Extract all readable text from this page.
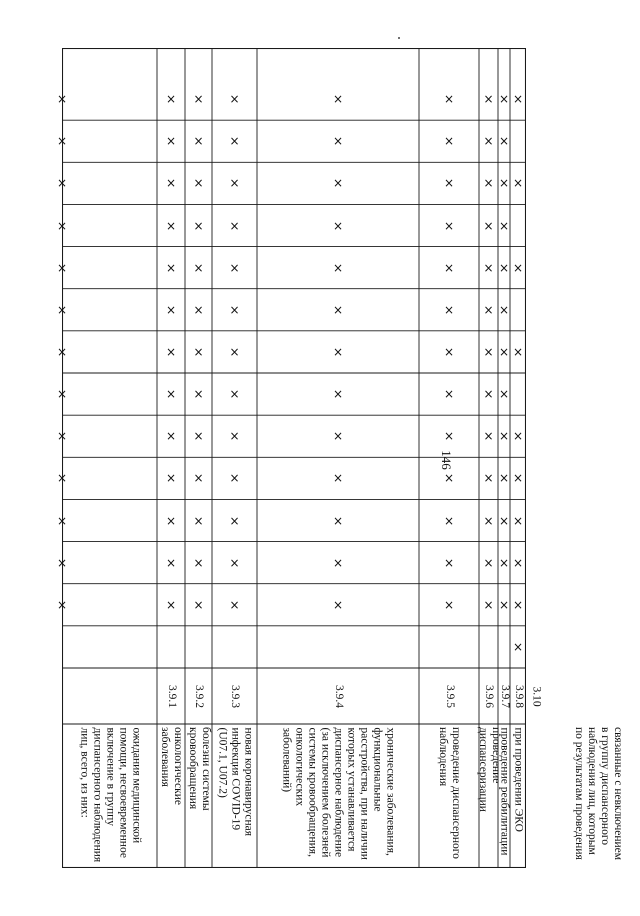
146
ожидания медицинской помощи, несвоевременное включение в группу диспансерного наблюдения лиц, всего, из них:	онкологические заболевания
3.9.1
×
×
×
×
×
×
×
×
×
×
×
×
×
болезни системы кровообращения
3.9.2
×
×
×
×
×
×
×
×
×
×
×
×
×
новая коронавирусная инфекция COVID-19 (U07.1, U07.2)
3.9.3
×
×
×
×
×
×
×
×
×
×
×
×
×
хронические заболевания, функциональные расстройства, при наличии которых устанавливается диспансерное наблюдение (за исключением болезней системы кровообращения, онкологических заболеваний)
3.9.4
×
×
×
×
×
×
×
×
×
×
×
×
×
проведение диспансерного наблюдения
3.9.5
×
×
×
×
×
×
×
×
×
×
×
×
×
проведение диспансеризации
3.9.6
×
×
×
×
×
×
×
×
×
×
×
×
×
проведение реабилитации
3.9.7
×
×
×
×
×
×
×
×
×
×
×
×
×
при проведении ЭКО
3.9.8
×
×
×
×
×
×
×
×
×
×
связанные с невключением в группу диспансерного наблюдения лиц, которым по результатам проведения
3.10
×
×
×
×
×
×
×
×
×
×
×
×
×
